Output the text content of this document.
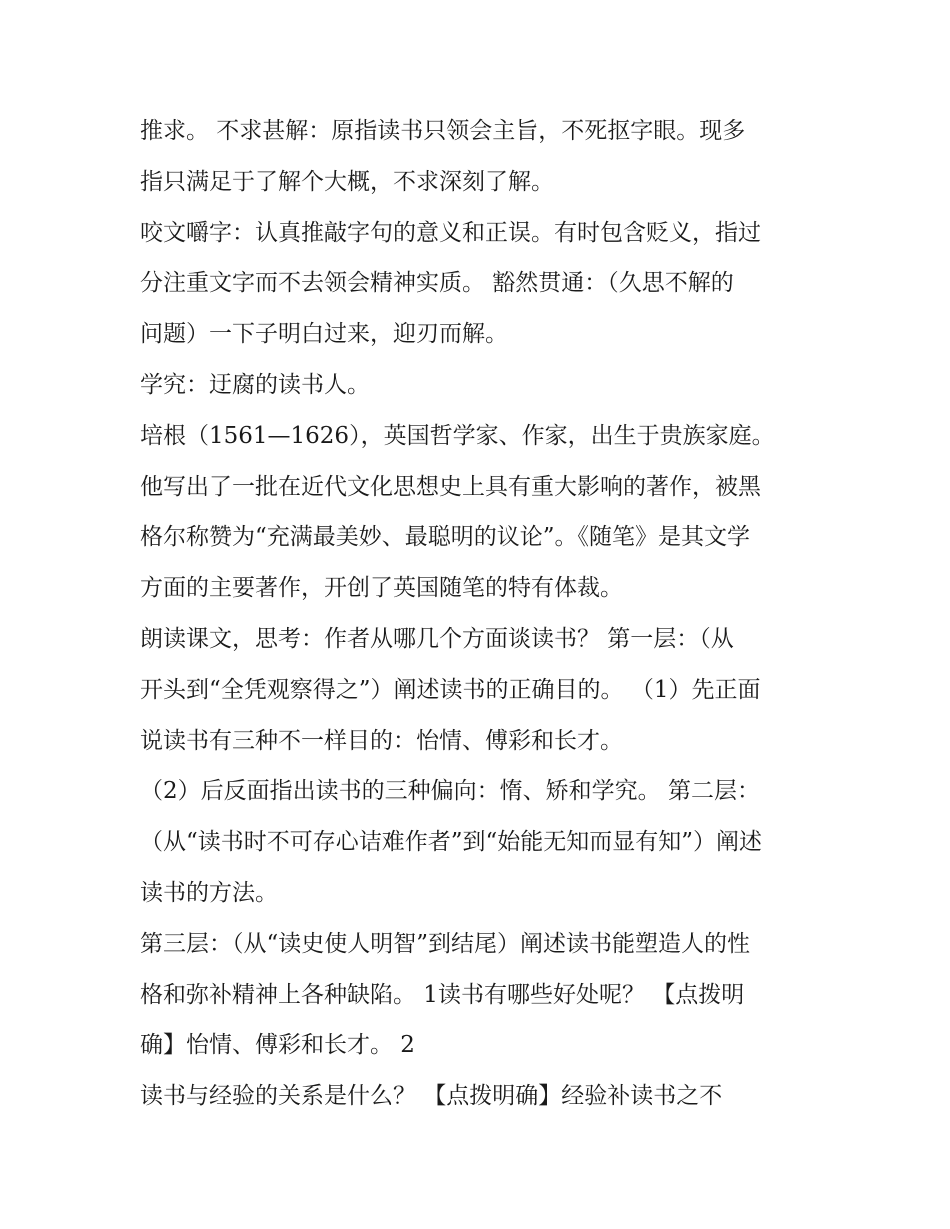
推求。 不求甚解：原指读书只领会主旨，不死抠字眼。现多
指只满足于了解个大概，不求深刻了解。
咬文嚼字：认真推敲字句的意义和正误。有时包含贬义，指过
分注重文字而不去领会精神实质。 豁然贯通：（久思不解的
问题）一下子明白过来，迎刃而解。
学究：迂腐的读书人。
培根（1561—1626），英国哲学家、作家，出生于贵族家庭。
他写出了一批在近代文化思想史上具有重大影响的著作，被黑
格尔称赞为“充满最美妙、最聪明的议论”。《随笔》是其文学
方面的主要著作，开创了英国随笔的特有体裁。
朗读课文，思考：作者从哪几个方面谈读书？ 第一层：（从
开头到“全凭观察得之”）阐述读书的正确目的。 （1）先正面
说读书有三种不一样目的：怡情、傅彩和长才。
（2）后反面指出读书的三种偏向：惰、矫和学究。 第二层：
（从“读书时不可存心诘难作者”到“始能无知而显有知”）阐述
读书的方法。
第三层：（从“读史使人明智”到结尾）阐述读书能塑造人的性
格和弥补精神上各种缺陷。 1读书有哪些好处呢？ 【点拨明
确】怡情、傅彩和长才。 2
读书与经验的关系是什么？ 【点拨明确】经验补读书之不
